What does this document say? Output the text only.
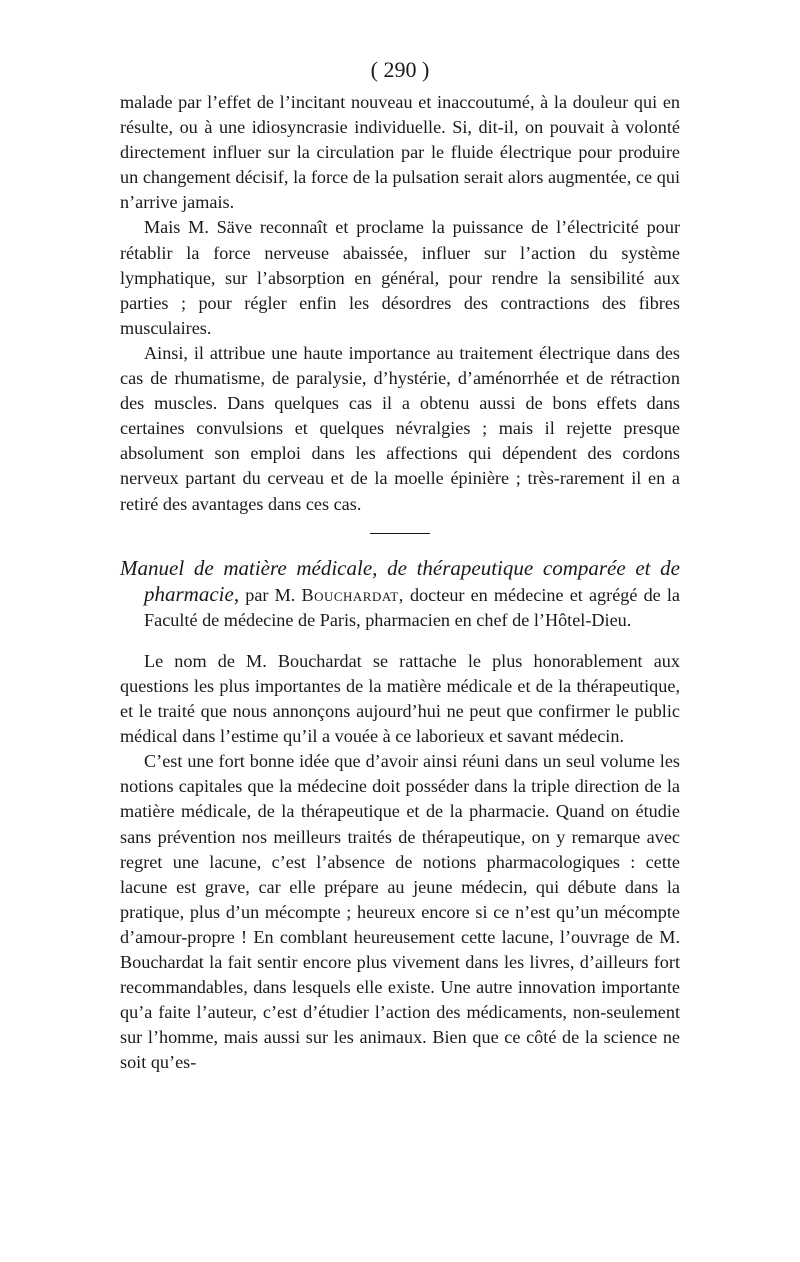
( 290 )

malade par l’effet de l’incitant nouveau et inaccoutumé, à la douleur qui en résulte, ou à une idiosyncrasie individuelle. Si, dit-il, on pouvait à volonté directement influer sur la circulation par le fluide électrique pour produire un changement décisif, la force de la pulsation serait alors augmentée, ce qui n’arrive jamais.

Mais M. Säve reconnaît et proclame la puissance de l’électricité pour rétablir la force nerveuse abaissée, influer sur l’action du système lymphatique, sur l’absorption en général, pour rendre la sensibilité aux parties ; pour régler enfin les désordres des contractions des fibres musculaires.

Ainsi, il attribue une haute importance au traitement électrique dans des cas de rhumatisme, de paralysie, d’hystérie, d’aménorrhée et de rétraction des muscles. Dans quelques cas il a obtenu aussi de bons effets dans certaines convulsions et quelques névralgies ; mais il rejette presque absolument son emploi dans les affections qui dépendent des cordons nerveux partant du cerveau et de la moelle épinière ; très-rarement il en a retiré des avantages dans ces cas.

Manuel de matière médicale, de thérapeutique comparée et de pharmacie, par M. Bouchardat, docteur en médecine et agrégé de la Faculté de médecine de Paris, pharmacien en chef de l’Hôtel-Dieu.

Le nom de M. Bouchardat se rattache le plus honorablement aux questions les plus importantes de la matière médicale et de la thérapeutique, et le traité que nous annonçons aujourd’hui ne peut que confirmer le public médical dans l’estime qu’il a vouée à ce laborieux et savant médecin.

C’est une fort bonne idée que d’avoir ainsi réuni dans un seul volume les notions capitales que la médecine doit posséder dans la triple direction de la matière médicale, de la thérapeutique et de la pharmacie. Quand on étudie sans prévention nos meilleurs traités de thérapeutique, on y remarque avec regret une lacune, c’est l’absence de notions pharmacologiques : cette lacune est grave, car elle prépare au jeune médecin, qui débute dans la pratique, plus d’un mécompte ; heureux encore si ce n’est qu’un mécompte d’amour-propre ! En comblant heureusement cette lacune, l’ouvrage de M. Bouchardat la fait sentir encore plus vivement dans les livres, d’ailleurs fort recommandables, dans lesquels elle existe. Une autre innovation importante qu’a faite l’auteur, c’est d’étudier l’action des médicaments, non-seulement sur l’homme, mais aussi sur les animaux. Bien que ce côté de la science ne soit qu’es-
